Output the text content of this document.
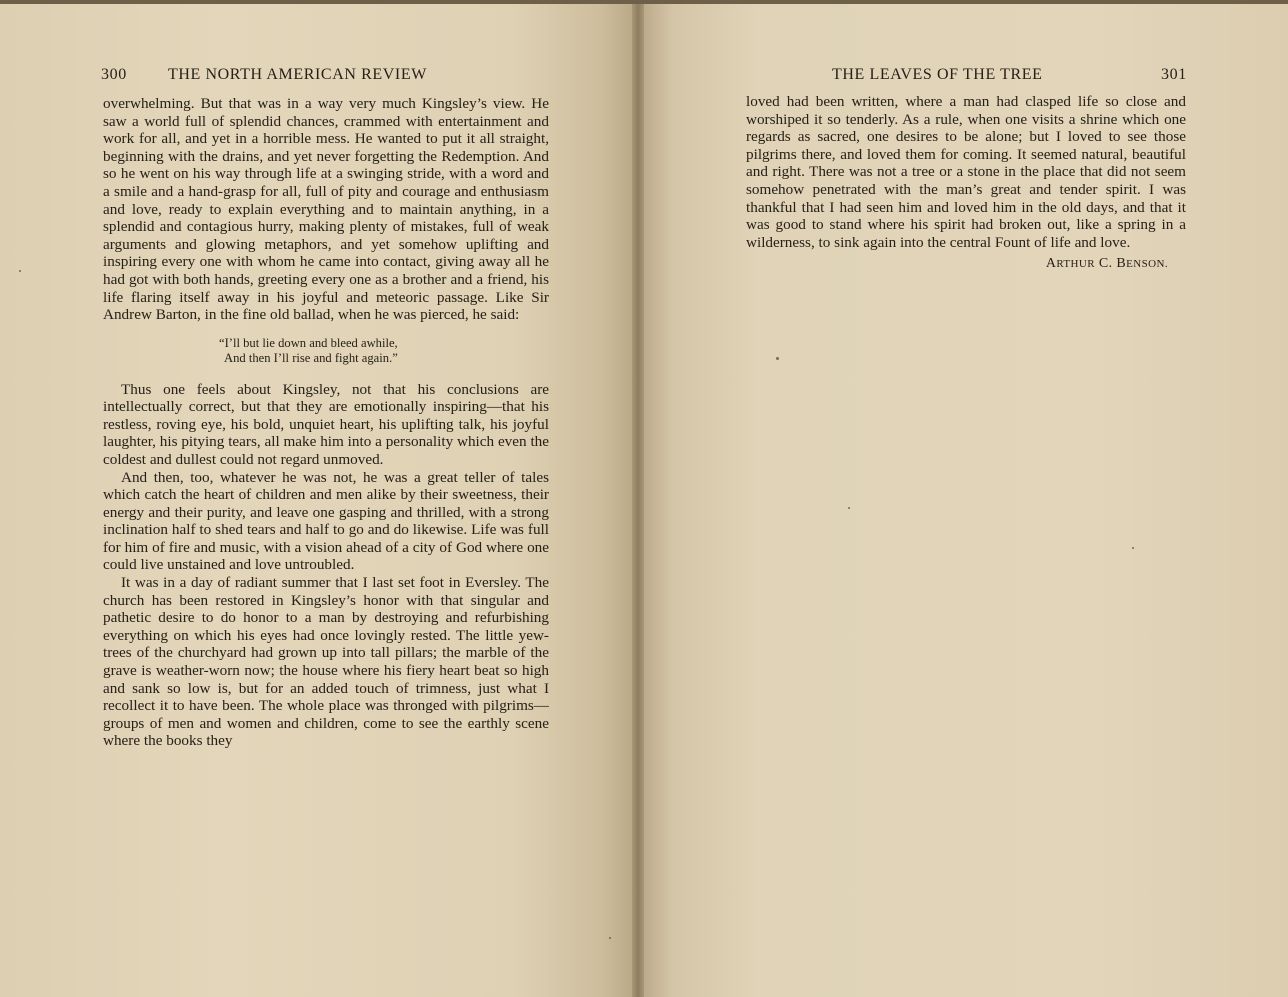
300	THE NORTH AMERICAN REVIEW

overwhelming. But that was in a way very much Kingsley’s view. He saw a world full of splendid chances, crammed with entertainment and work for all, and yet in a horrible mess. He wanted to put it all straight, beginning with the drains, and yet never forgetting the Redemption. And so he went on his way through life at a swinging stride, with a word and a smile and a hand-grasp for all, full of pity and courage and enthusiasm and love, ready to explain everything and to maintain anything, in a splendid and contagious hurry, making plenty of mistakes, full of weak arguments and glowing metaphors, and yet somehow uplifting and inspiring every one with whom he came into contact, giving away all he had got with both hands, greeting every one as a brother and a friend, his life flaring itself away in his joyful and meteoric passage. Like Sir Andrew Barton, in the fine old ballad, when he was pierced, he said:

“I’ll but lie down and bleed awhile,
And then I’ll rise and fight again.”

Thus one feels about Kingsley, not that his conclusions are intellectually correct, but that they are emotionally inspiring—that his restless, roving eye, his bold, unquiet heart, his uplifting talk, his joyful laughter, his pitying tears, all make him into a personality which even the coldest and dullest could not regard unmoved.

And then, too, whatever he was not, he was a great teller of tales which catch the heart of children and men alike by their sweetness, their energy and their purity, and leave one gasping and thrilled, with a strong inclination half to shed tears and half to go and do likewise. Life was full for him of fire and music, with a vision ahead of a city of God where one could live unstained and love untroubled.

It was in a day of radiant summer that I last set foot in Eversley. The church has been restored in Kingsley’s honor with that singular and pathetic desire to do honor to a man by destroying and refurbishing everything on which his eyes had once lovingly rested. The little yew-trees of the churchyard had grown up into tall pillars; the marble of the grave is weather-worn now; the house where his fiery heart beat so high and sank so low is, but for an added touch of trimness, just what I recollect it to have been. The whole place was thronged with pilgrims—groups of men and women and children, come to see the earthly scene where the books they

THE LEAVES OF THE TREE	301

loved had been written, where a man had clasped life so close and worshiped it so tenderly. As a rule, when one visits a shrine which one regards as sacred, one desires to be alone; but I loved to see those pilgrims there, and loved them for coming. It seemed natural, beautiful and right. There was not a tree or a stone in the place that did not seem somehow penetrated with the man’s great and tender spirit. I was thankful that I had seen him and loved him in the old days, and that it was good to stand where his spirit had broken out, like a spring in a wilderness, to sink again into the central Fount of life and love.

ARTHUR C. BENSON.
